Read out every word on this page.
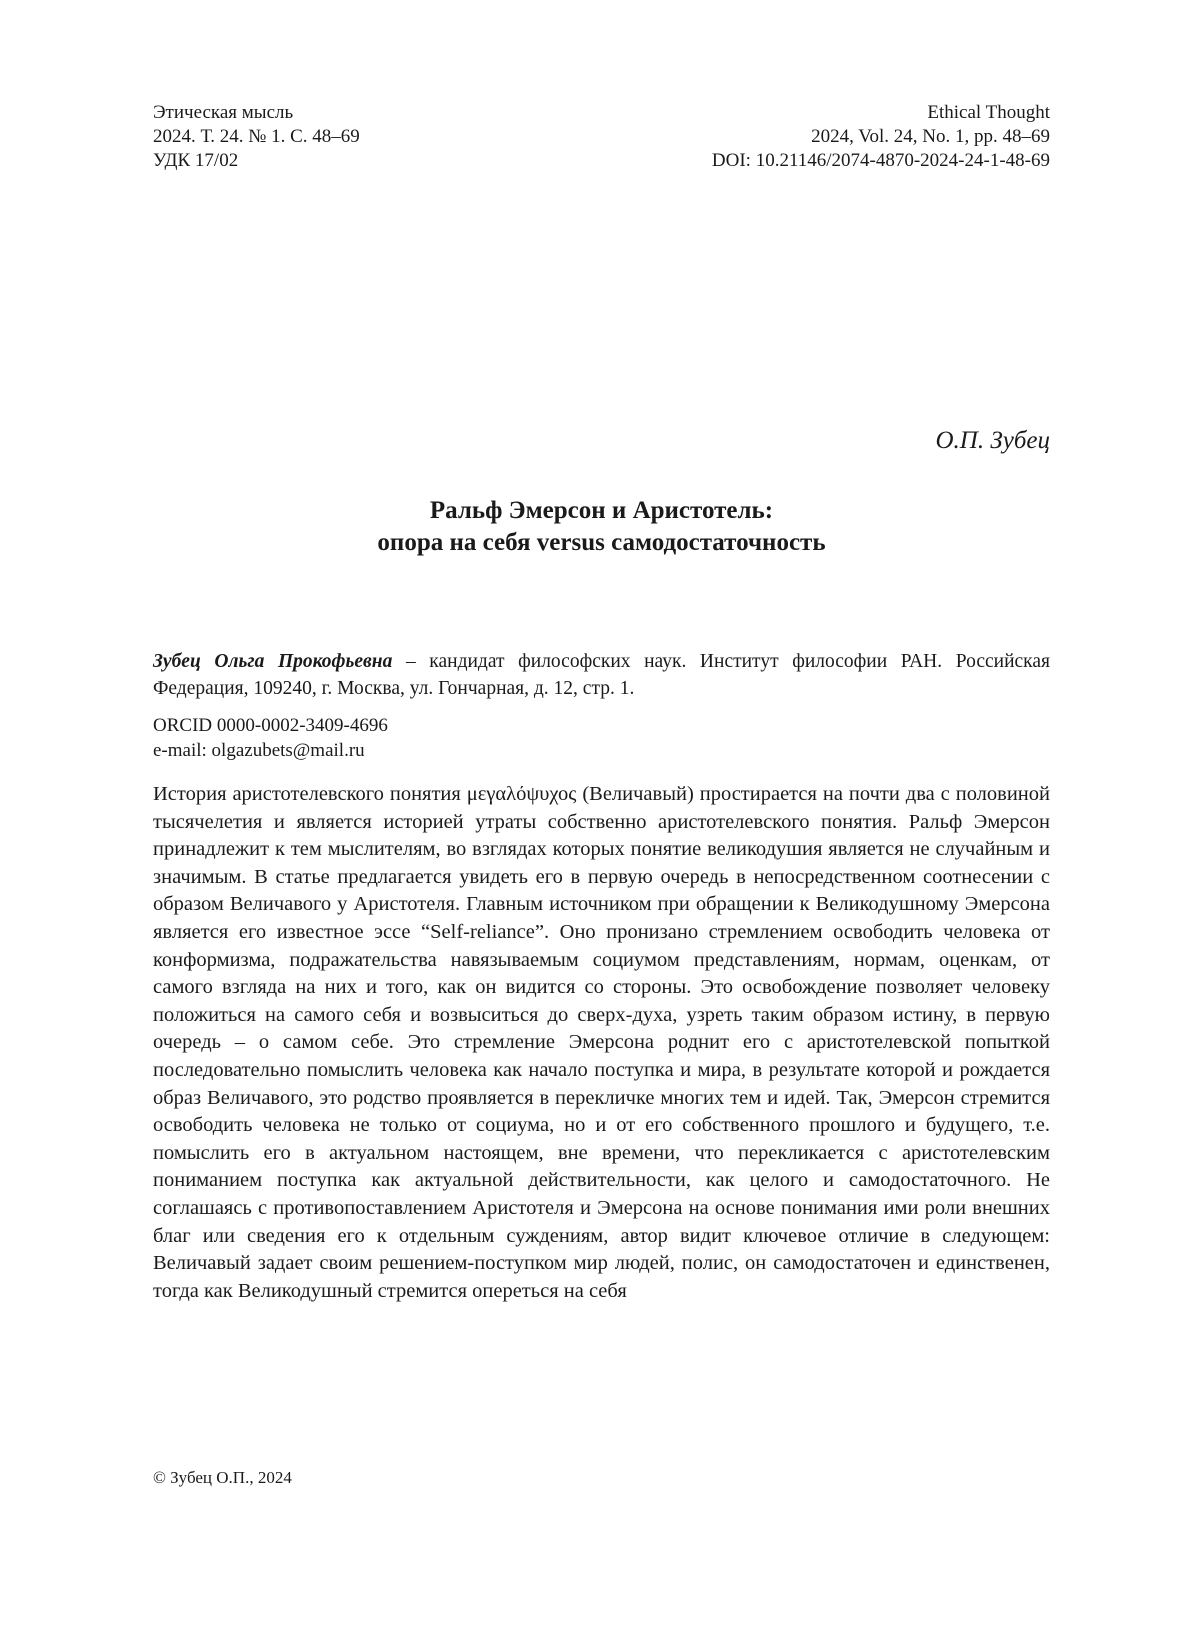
Этическая мысль
2024. Т. 24. № 1. С. 48–69
УДК 17/02
Ethical Thought
2024, Vol. 24, No. 1, pp. 48–69
DOI: 10.21146/2074-4870-2024-24-1-48-69
О.П. Зубец
Ральф Эмерсон и Аристотель:
опора на себя versus самодостаточность
Зубец Ольга Прокофьевна – кандидат философских наук. Институт философии РАН. Российская Федерация, 109240, г. Москва, ул. Гончарная, д. 12, стр. 1.
ORCID 0000-0002-3409-4696
e-mail: olgazubets@mail.ru
История аристотелевского понятия μεγαλόψυχος (Величавый) простирается на почти два с половиной тысячелетия и является историей утраты собственно аристотелевского понятия. Ральф Эмерсон принадлежит к тем мыслителям, во взглядах которых понятие великодушия является не случайным и значимым. В статье предлагается увидеть его в первую очередь в непосредственном соотнесении с образом Величавого у Аристотеля. Главным источником при обращении к Великодушному Эмерсона является его известное эссе “Self-reliance”. Оно пронизано стремлением освободить человека от конформизма, подражательства навязываемым социумом представлениям, нормам, оценкам, от самого взгляда на них и того, как он видится со стороны. Это освобождение позволяет человеку положиться на самого себя и возвыситься до сверх-духа, узреть таким образом истину, в первую очередь – о самом себе. Это стремление Эмерсона роднит его с аристотелевской попыткой последовательно помыслить человека как начало поступка и мира, в результате которой и рождается образ Величавого, это родство проявляется в перекличке многих тем и идей. Так, Эмерсон стремится освободить человека не только от социума, но и от его собственного прошлого и будущего, т.е. помыслить его в актуальном настоящем, вне времени, что перекликается с аристотелевским пониманием поступка как актуальной действительности, как целого и самодостаточного. Не соглашаясь с противопоставлением Аристотеля и Эмерсона на основе понимания ими роли внешних благ или сведения его к отдельным суждениям, автор видит ключевое отличие в следующем: Величавый задает своим решением-поступком мир людей, полис, он самодостаточен и единственен, тогда как Великодушный стремится опереться на себя
© Зубец О.П., 2024
